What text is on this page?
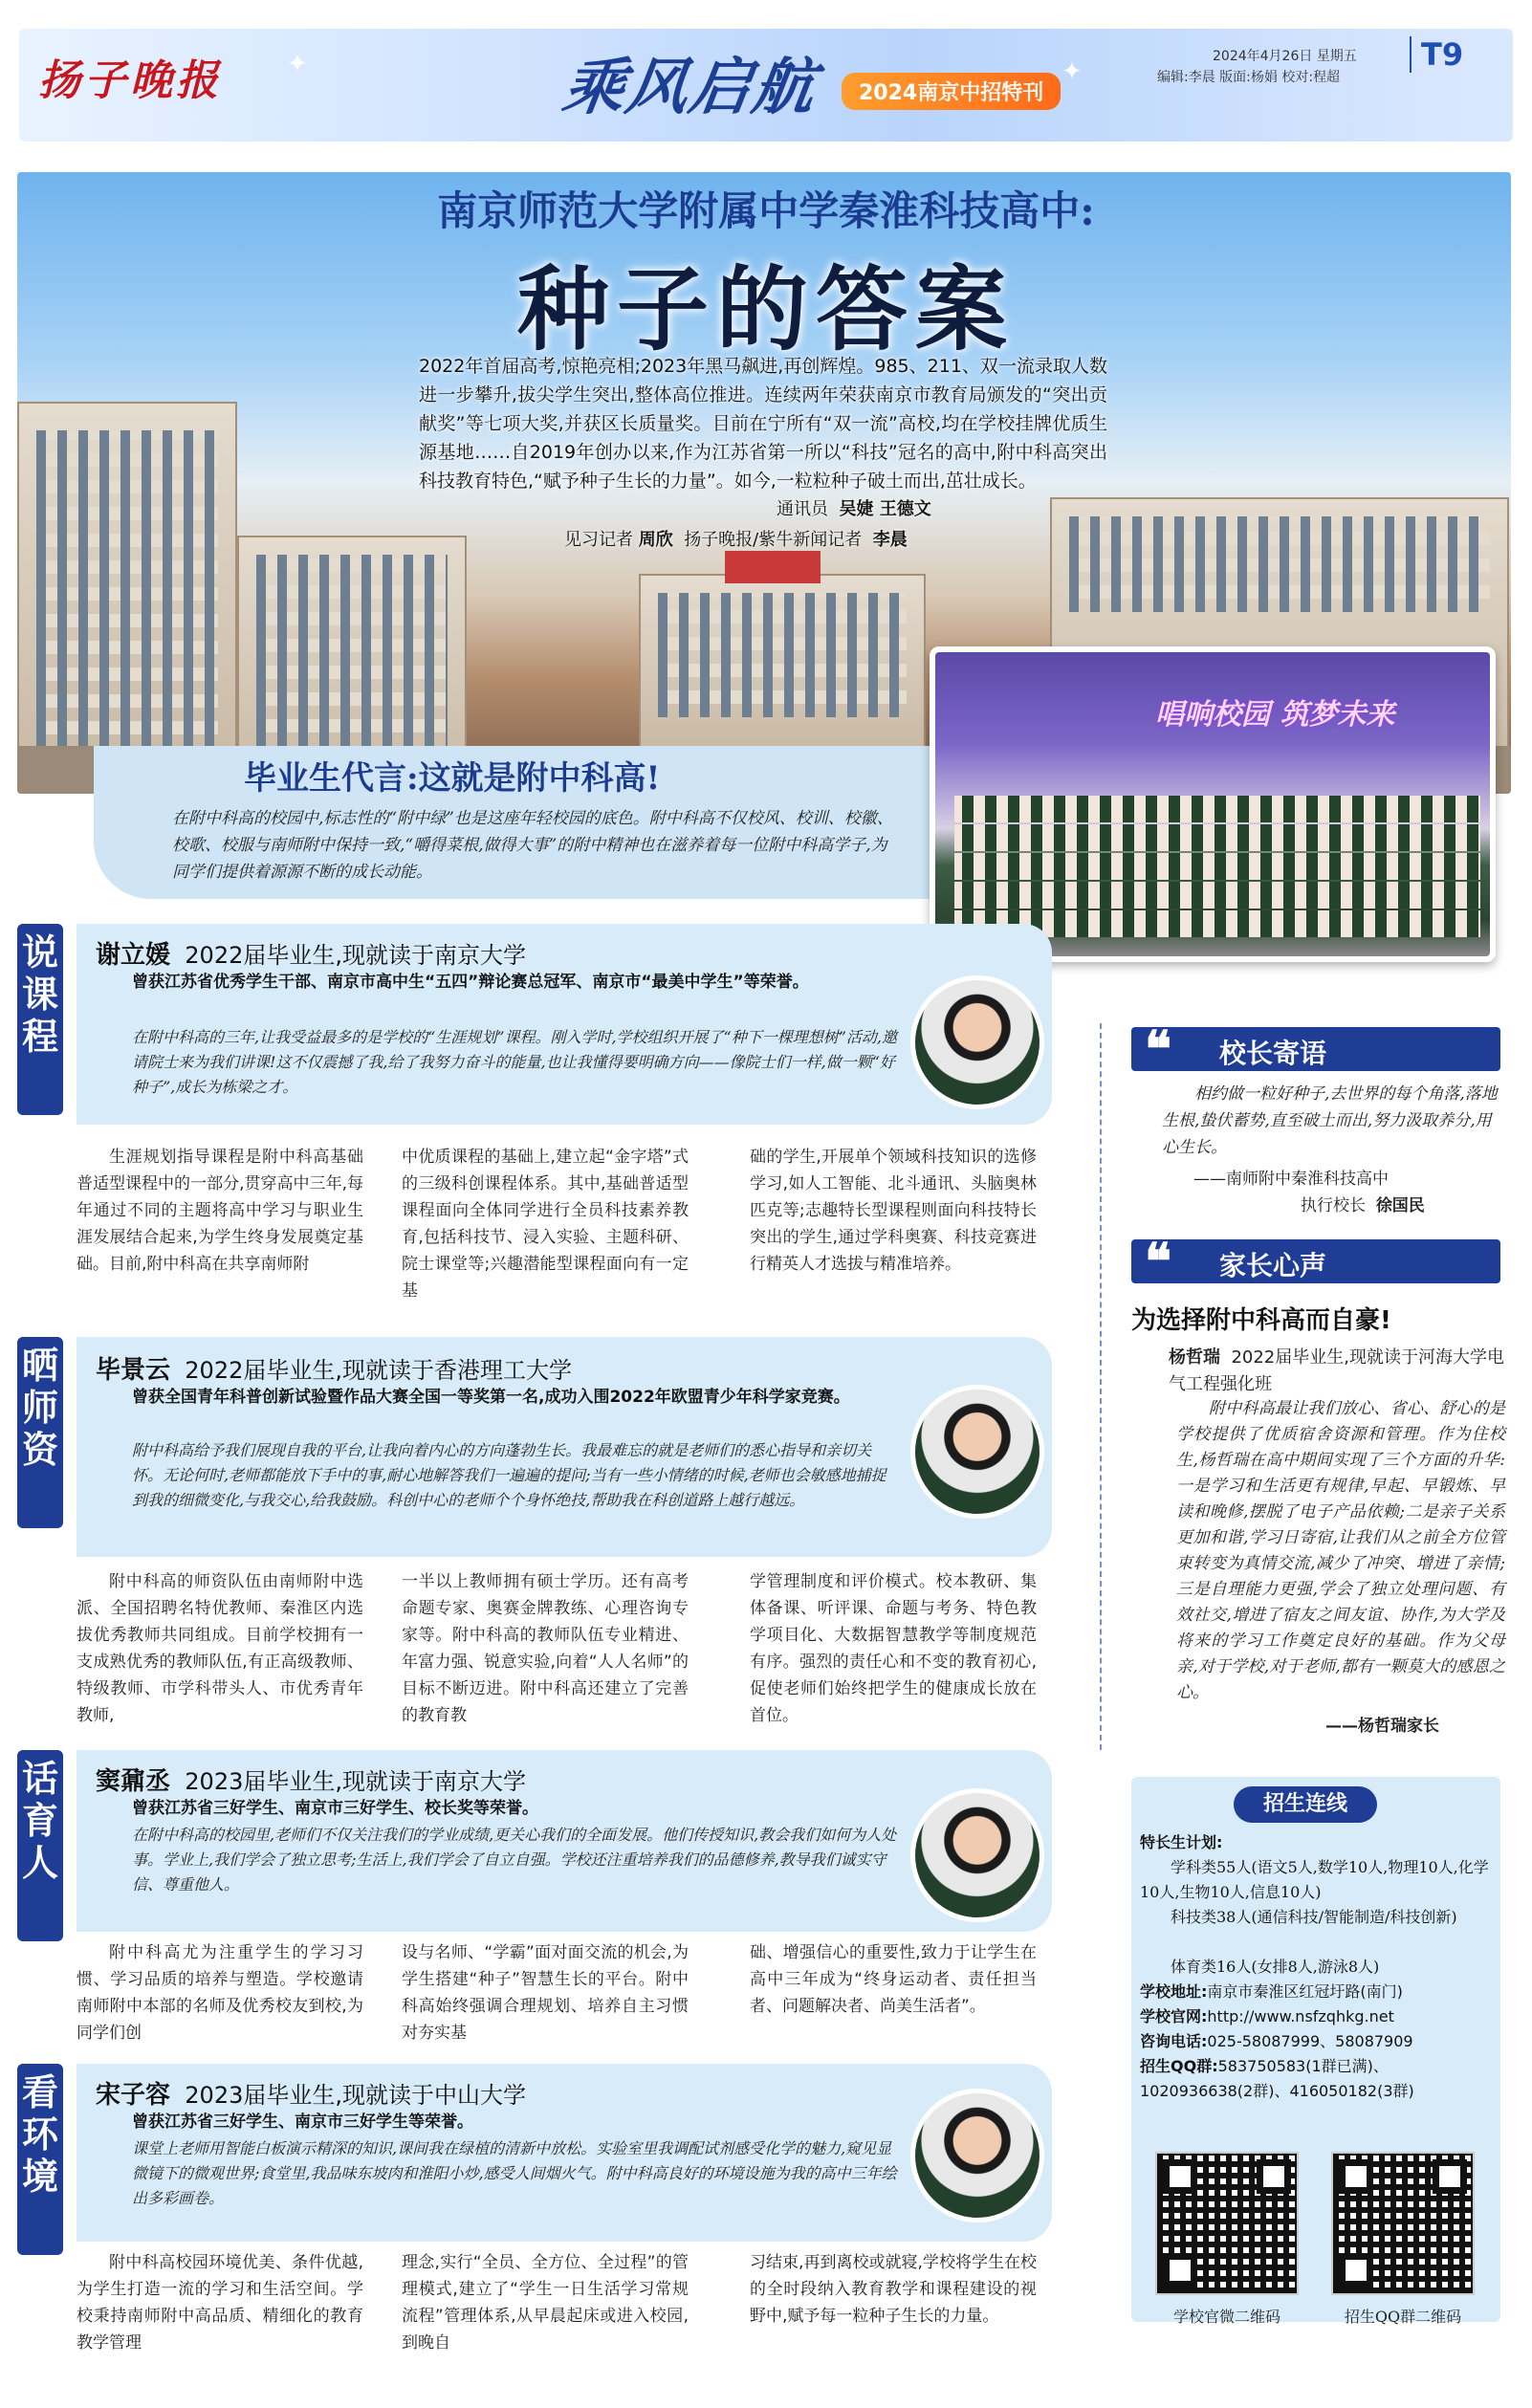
扬子晚报	✦	✦
乘风启航	2024南京中招特刊
2024年4月26日 星期五
编辑:李晨 版面:杨娟 校对:程超
T9
南京师范大学附属中学秦淮科技高中:
种子的答案
2022年首届高考,惊艳亮相;2023年黑马飙进,再创辉煌。985、211、双一流录取人数进一步攀升,拔尖学生突出,整体高位推进。连续两年荣获南京市教育局颁发的“突出贡献奖”等七项大奖,并获区长质量奖。目前在宁所有“双一流”高校,均在学校挂牌优质生源基地……自2019年创办以来,作为江苏省第一所以“科技”冠名的高中,附中科高突出科技教育特色,“赋予种子生长的力量”。如今,一粒粒种子破土而出,茁壮成长。
通讯员 吴婕 王德文
见习记者 周欣 扬子晚报/紫牛新闻记者 李晨
毕业生代言:这就是附中科高!
在附中科高的校园中,标志性的“附中绿”也是这座年轻校园的底色。附中科高不仅校风、校训、校徽、校歌、校服与南师附中保持一致,“嚼得菜根,做得大事”的附中精神也在滋养着每一位附中科高学子,为同学们提供着源源不断的成长动能。
唱响校园 筑梦未来
说
课
程
谢立媛 2022届毕业生,现就读于南京大学
曾获江苏省优秀学生干部、南京市高中生“五四”辩论赛总冠军、南京市“最美中学生”等荣誉。
在附中科高的三年,让我受益最多的是学校的“生涯规划”课程。刚入学时,学校组织开展了“种下一棵理想树”活动,邀请院士来为我们讲课!这不仅震撼了我,给了我努力奋斗的能量,也让我懂得要明确方向——像院士们一样,做一颗“好种子”,成长为栋梁之才。
生涯规划指导课程是附中科高基础普适型课程中的一部分,贯穿高中三年,每年通过不同的主题将高中学习与职业生涯发展结合起来,为学生终身发展奠定基础。目前,附中科高在共享南师附
中优质课程的基础上,建立起“金字塔”式的三级科创课程体系。其中,基础普适型课程面向全体同学进行全员科技素养教育,包括科技节、浸入实验、主题科研、院士课堂等;兴趣潜能型课程面向有一定基
础的学生,开展单个领域科技知识的选修学习,如人工智能、北斗通讯、头脑奥林匹克等;志趣特长型课程则面向科技特长突出的学生,通过学科奥赛、科技竞赛进行精英人才选拔与精准培养。
晒
师
资
毕景云 2022届毕业生,现就读于香港理工大学
曾获全国青年科普创新试验暨作品大赛全国一等奖第一名,成功入围2022年欧盟青少年科学家竞赛。
附中科高给予我们展现自我的平台,让我向着内心的方向蓬勃生长。我最难忘的就是老师们的悉心指导和亲切关怀。无论何时,老师都能放下手中的事,耐心地解答我们一遍遍的提问;当有一些小情绪的时候,老师也会敏感地捕捉到我的细微变化,与我交心,给我鼓励。科创中心的老师个个身怀绝技,帮助我在科创道路上越行越远。
附中科高的师资队伍由南师附中选派、全国招聘名特优教师、秦淮区内选拔优秀教师共同组成。目前学校拥有一支成熟优秀的教师队伍,有正高级教师、特级教师、市学科带头人、市优秀青年教师,
一半以上教师拥有硕士学历。还有高考命题专家、奥赛金牌教练、心理咨询专家等。附中科高的教师队伍专业精进、年富力强、锐意实验,向着“人人名师”的目标不断迈进。附中科高还建立了完善的教育教
学管理制度和评价模式。校本教研、集体备课、听评课、命题与考务、特色教学项目化、大数据智慧教学等制度规范有序。强烈的责任心和不变的教育初心,促使老师们始终把学生的健康成长放在首位。
话
育
人
窦鼐丞 2023届毕业生,现就读于南京大学
曾获江苏省三好学生、南京市三好学生、校长奖等荣誉。
在附中科高的校园里,老师们不仅关注我们的学业成绩,更关心我们的全面发展。他们传授知识,教会我们如何为人处事。学业上,我们学会了独立思考;生活上,我们学会了自立自强。学校还注重培养我们的品德修养,教导我们诚实守信、尊重他人。
附中科高尤为注重学生的学习习惯、学习品质的培养与塑造。学校邀请南师附中本部的名师及优秀校友到校,为同学们创
设与名师、“学霸”面对面交流的机会,为学生搭建“种子”智慧生长的平台。附中科高始终强调合理规划、培养自主习惯对夯实基
础、增强信心的重要性,致力于让学生在高中三年成为“终身运动者、责任担当者、问题解决者、尚美生活者”。
看
环
境
宋子容 2023届毕业生,现就读于中山大学
曾获江苏省三好学生、南京市三好学生等荣誉。
课堂上老师用智能白板演示精深的知识,课间我在绿植的清新中放松。实验室里我调配试剂感受化学的魅力,窥见显微镜下的微观世界;食堂里,我品味东坡肉和淮阳小炒,感受人间烟火气。附中科高良好的环境设施为我的高中三年绘出多彩画卷。
附中科高校园环境优美、条件优越,为学生打造一流的学习和生活空间。学校秉持南师附中高品质、精细化的教育教学管理
理念,实行“全员、全方位、全过程”的管理模式,建立了“学生一日生活学习常规流程”管理体系,从早晨起床或进入校园,到晚自
习结束,再到离校或就寝,学校将学生在校的全时段纳入教育教学和课程建设的视野中,赋予每一粒种子生长的力量。
❝ 校长寄语
相约做一粒好种子,去世界的每个角落,落地生根,蛰伏蓄势,直至破土而出,努力汲取养分,用心生长。
——南师附中秦淮科技高中
执行校长 徐国民
❝ 家长心声
为选择附中科高而自豪!
杨哲瑞 2022届毕业生,现就读于河海大学电气工程强化班
附中科高最让我们放心、省心、舒心的是学校提供了优质宿舍资源和管理。作为住校生,杨哲瑞在高中期间实现了三个方面的升华:一是学习和生活更有规律,早起、早锻炼、早读和晚修,摆脱了电子产品依赖;二是亲子关系更加和谐,学习日寄宿,让我们从之前全方位管束转变为真情交流,减少了冲突、增进了亲情;三是自理能力更强,学会了独立处理问题、有效社交,增进了宿友之间友谊、协作,为大学及将来的学习工作奠定良好的基础。作为父母亲,对于学校,对于老师,都有一颗莫大的感恩之心。
——杨哲瑞家长
招生连线
特长生计划:
学科类55人(语文5人,数学10人,物理10人,化学10人,生物10人,信息10人)
科技类38人(通信科技/智能制造/科技创新)
体育类16人(女排8人,游泳8人)
学校地址:南京市秦淮区红冠圩路(南门)
学校官网:http://www.nsfzqhkg.net
咨询电话:025-58087999、58087909
招生QQ群:583750583(1群已满)、1020936638(2群)、416050182(3群)
学校官微二维码	招生QQ群二维码
